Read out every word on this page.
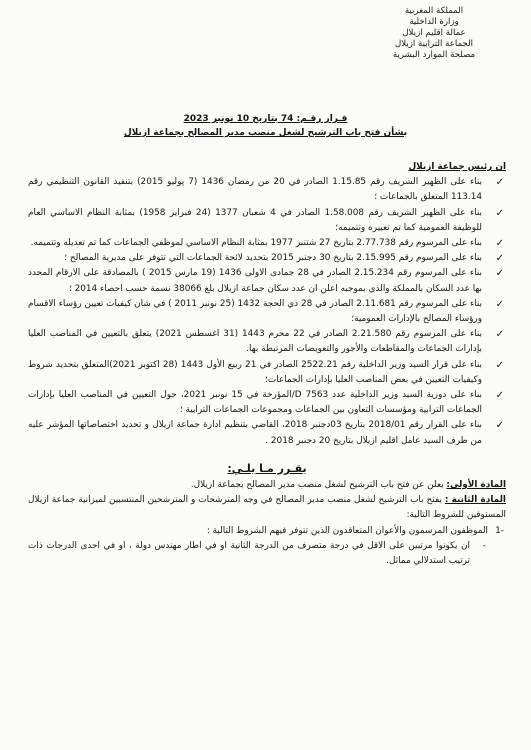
المملكة المغربية
وزارة الداخلية
عمالة اقليم ازيلال
الجماعة الترابية ازيلال
مصلحة الموارد البشرية
قـرار رقـم: 74 بتاريخ 10 نونبر 2023
بشأن فتح باب الترشيح لشغل منصب مدير المصالح بجماعة ازيلال
ان رئيس جماعة ازيلال
✓
بناء على الظهير الشريف رقم 1.15.85 الصادر في 20 من رمضان 1436 (7 يوليو 2015) بتنفيذ القانون التنظيمي رقم 113.14 المتعلق بالجماعات ؛
✓
بناء على الظهير الشريف رقم 1.58.008 الصادر في 4 شعبان 1377 (24 فبراير 1958) بمثابة النظام الاساسي العام للوظيفة العمومية كما تم تغييره وتتميمه؛
✓
بناء على المرسوم رقم 2.77.738 بتاريخ 27 شتنبر 1977 بمثابة النظام الاساسي لموظفي الجماعات كما تم تعديله وتتميمه.
✓
بناء على المرسوم رقم 2.15.995 بتاريخ 30 دجنبر 2015 بتحديد لائحة الجماعات التي تتوفر على مديرية المصالح ؛
✓
بناء على المرسوم رقم 2.15.234 الصادر في 28 جمادى الاولى 1436 (19 مارس 2015 ) بالمصادقة على الارقام المحدد بها عدد السكان بالمملكة والذي بموجبه اعلن ان عدد سكان جماعة ازيلال بلغ 38066 نسمة حسب احصاء 2014 ؛
✓
بناء على المرسوم رقم 2.11.681 الصادر في 28 ذي الحجة 1432 (25 نونبر 2011 ) في شان كيفيات تعيين رؤساء الاقسام ورؤساء المصالح بالإدارات العمومية؛
✓
بناء على المرسوم رقم 2.21.580 الصادر في 22 محرم 1443 (31 اغسطس 2021) يتعلق بالتعيين في المناصب العليا بإدارات الجماعات والمقاطعات والأجور والتعويضات المرتبطة بها.
✓
بناء على قرار السيد وزير الداخلية رقم 2522.21 الصادر في 21 ربيع الأول 1443 (28 اكتوبر 2021)المتعلق بتحديد شروط وكيفيات التعيين في بعض المناصب العليا بإدارات الجماعات؛
✓
بناء على دورية السيد وزير الداخلية عدد 7563 D/المؤرخة في 15 نونبر 2021، حول التعيين في المناصب العليا بإدارات الجماعات الترابية ومؤسسات التعاون بين الجماعات ومجموعات الجماعات الترابية ؛
✓
بناء على القرار رقم 2018/01 بتاريخ 03دجنبر 2018، القاضي بتنظيم ادارة جماعة ازيلال و تحديد اختصاصاتها المؤشر عليه من طرف السيد عامل اقليم ازيلال بتاريخ 20 دجنبر 2018 .
يقـرر مـا يلـي:

المادة الأولى: يعلن عن فتح باب الترشيح لشغل منصب مدير المصالح بجماعة ازيلال.

المادة الثانية : يفتح باب الترشيح لشغل منصب مدير المصالح في وجه المترشحات و المترشحين المنتسبين لميزانية جماعة ازيلال المستوفين للشروط التالية:

-1
الموظفون المرسمون والأعوان المتعاقدون الذين تتوفر فيهم الشروط التالية :

-
ان يكونوا مرتبين على الاقل في درجة متصرف من الدرجة الثانية او في اطار مهندس دولة ، او في احدى الدرجات ذات ترتيب استدلالي مماثل.
